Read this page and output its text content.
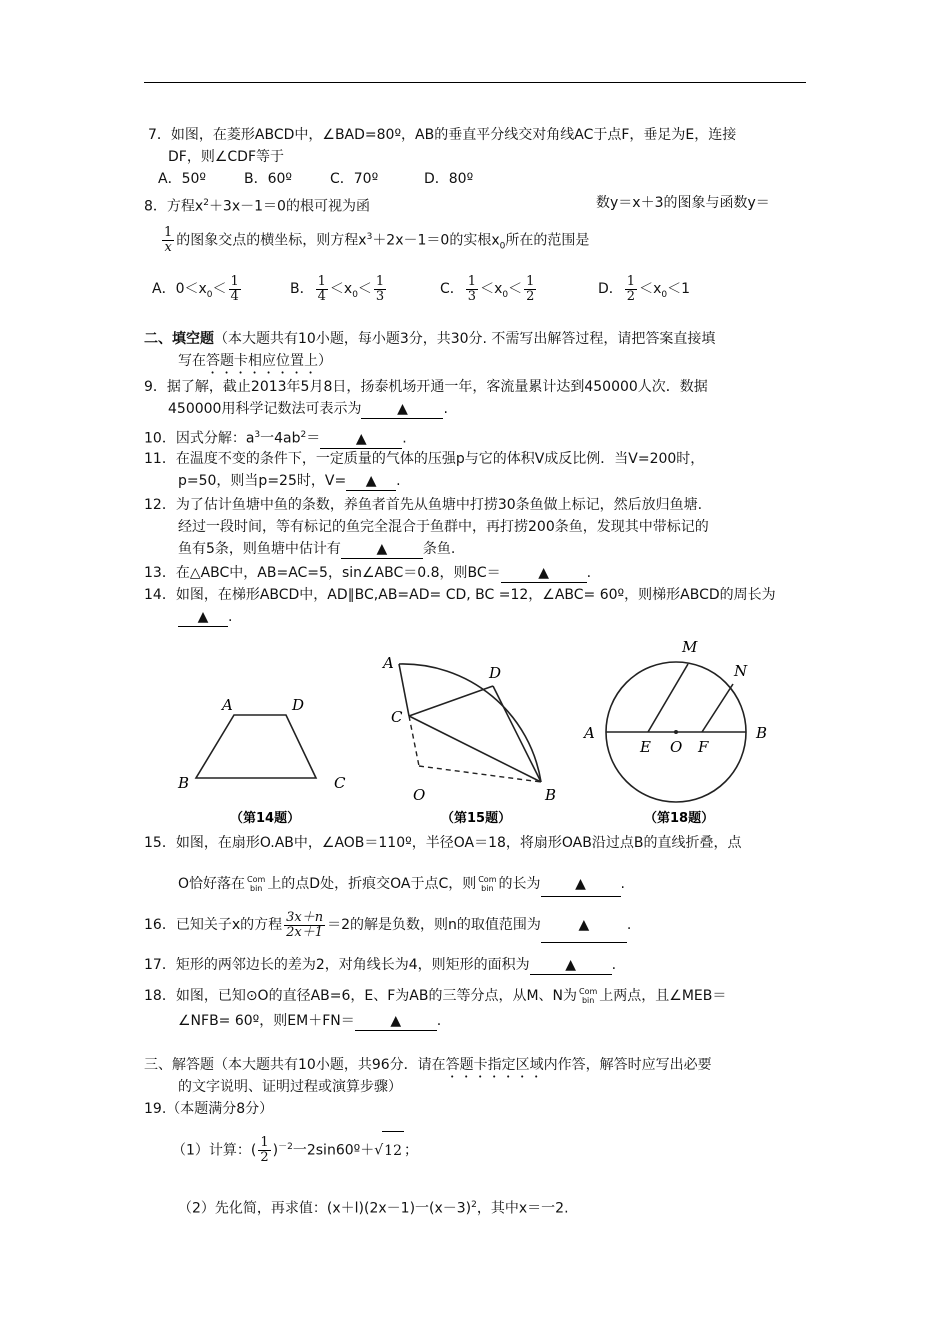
7．如图，在菱形ABCD中，∠BAD=80º，AB的垂直平分线交对角线AC于点F，垂足为E，连接
DF，则∠CDF等于
A．50º	B．60º	C．70º	D．80º
8．方程$x^2+3x-1=0$的根可视为函	数y＝x＋3的图象与函数y＝
$\frac{1}{x}$ 的图象交点的横坐标，则方程$x^3+2x-1=0$的实根$x_0$所在的范围是
A．$0<x_0< \frac{1}{4}$	B． $\frac{1}{4} <x_0< \frac{1}{3}$	C． $\frac{1}{3} <x_0< \frac{1}{2}$	D． $\frac{1}{2} <x_0<1$
二、填空题（本大题共有10小题，每小题3分，共30分. 不需写出解答过程，请把答案直接填
写在答题卡相应位置上）
9．据了解，截止2013年5月8日，扬泰机场开通一年，客流量累计达到450000人次．数据
450000用科学记数法可表示为	▲	.
10．因式分解：$a^3$一$4ab^2=$	▲	.
11．在温度不变的条件下，一定质量的气体的压强p与它的体积V成反比例．当V=200时，
p=50，则当p=25时，V= ▲ .
12．为了估计鱼塘中鱼的条数，养鱼者首先从鱼塘中打捞30条鱼做上标记，然后放归鱼塘.
经过一段时间，等有标记的鱼完全混合于鱼群中，再打捞200条鱼，发现其中带标记的
鱼有5条，则鱼塘中估计有	▲	条鱼.
13．在△ABC中，AB=AC=5，sin∠ABC＝0.8，则BC＝	▲	.
14．如图，在梯形ABCD中，AD∥BC,AB=AD= CD, BC =12，∠ABC= 60º，则梯形ABCD的周长为
▲ .
A	D
B	C
（第14题）
A
D
C
O	B
（第15题）
A	B
E O F
M
N
（第18题）
15．如图，在扇形O.AB中，∠AOB＝110º，半径OA＝18，将扇形OAB沿过点B的直线折叠，点
O恰好落在 Com
bin 上的点D处，折痕交OA于点C，则 Com
bin 的长为 ▲ .
16．已知关子x的方程 $\frac{3x+n}{2x+1} =2$的解是负数，则n的取值范围为	▲	.
17．矩形的两邻边长的差为2，对角线长为4，则矩形的面积为	▲	.
18．如图，已知⊙O的直径AB=6，E、F为AB的三等分点，从M、N为 Com
bin 上两点，且∠MEB＝
∠NFB= 60º，则EM＋FN＝	▲	.
三、解答题（本大题共有10小题，共96分．请在答题卡指定区域内作答，解答时应写出必要
的文字说明、证明过程或演算步骤）
19.（本题满分8分）
（1）计算：( $\frac{1}{2} )^{-2}$一2sin60º＋√12 ；
（2）先化简，再求值：(x＋l)(2x－1)一$(x-3)^2$，其中x＝一2.
